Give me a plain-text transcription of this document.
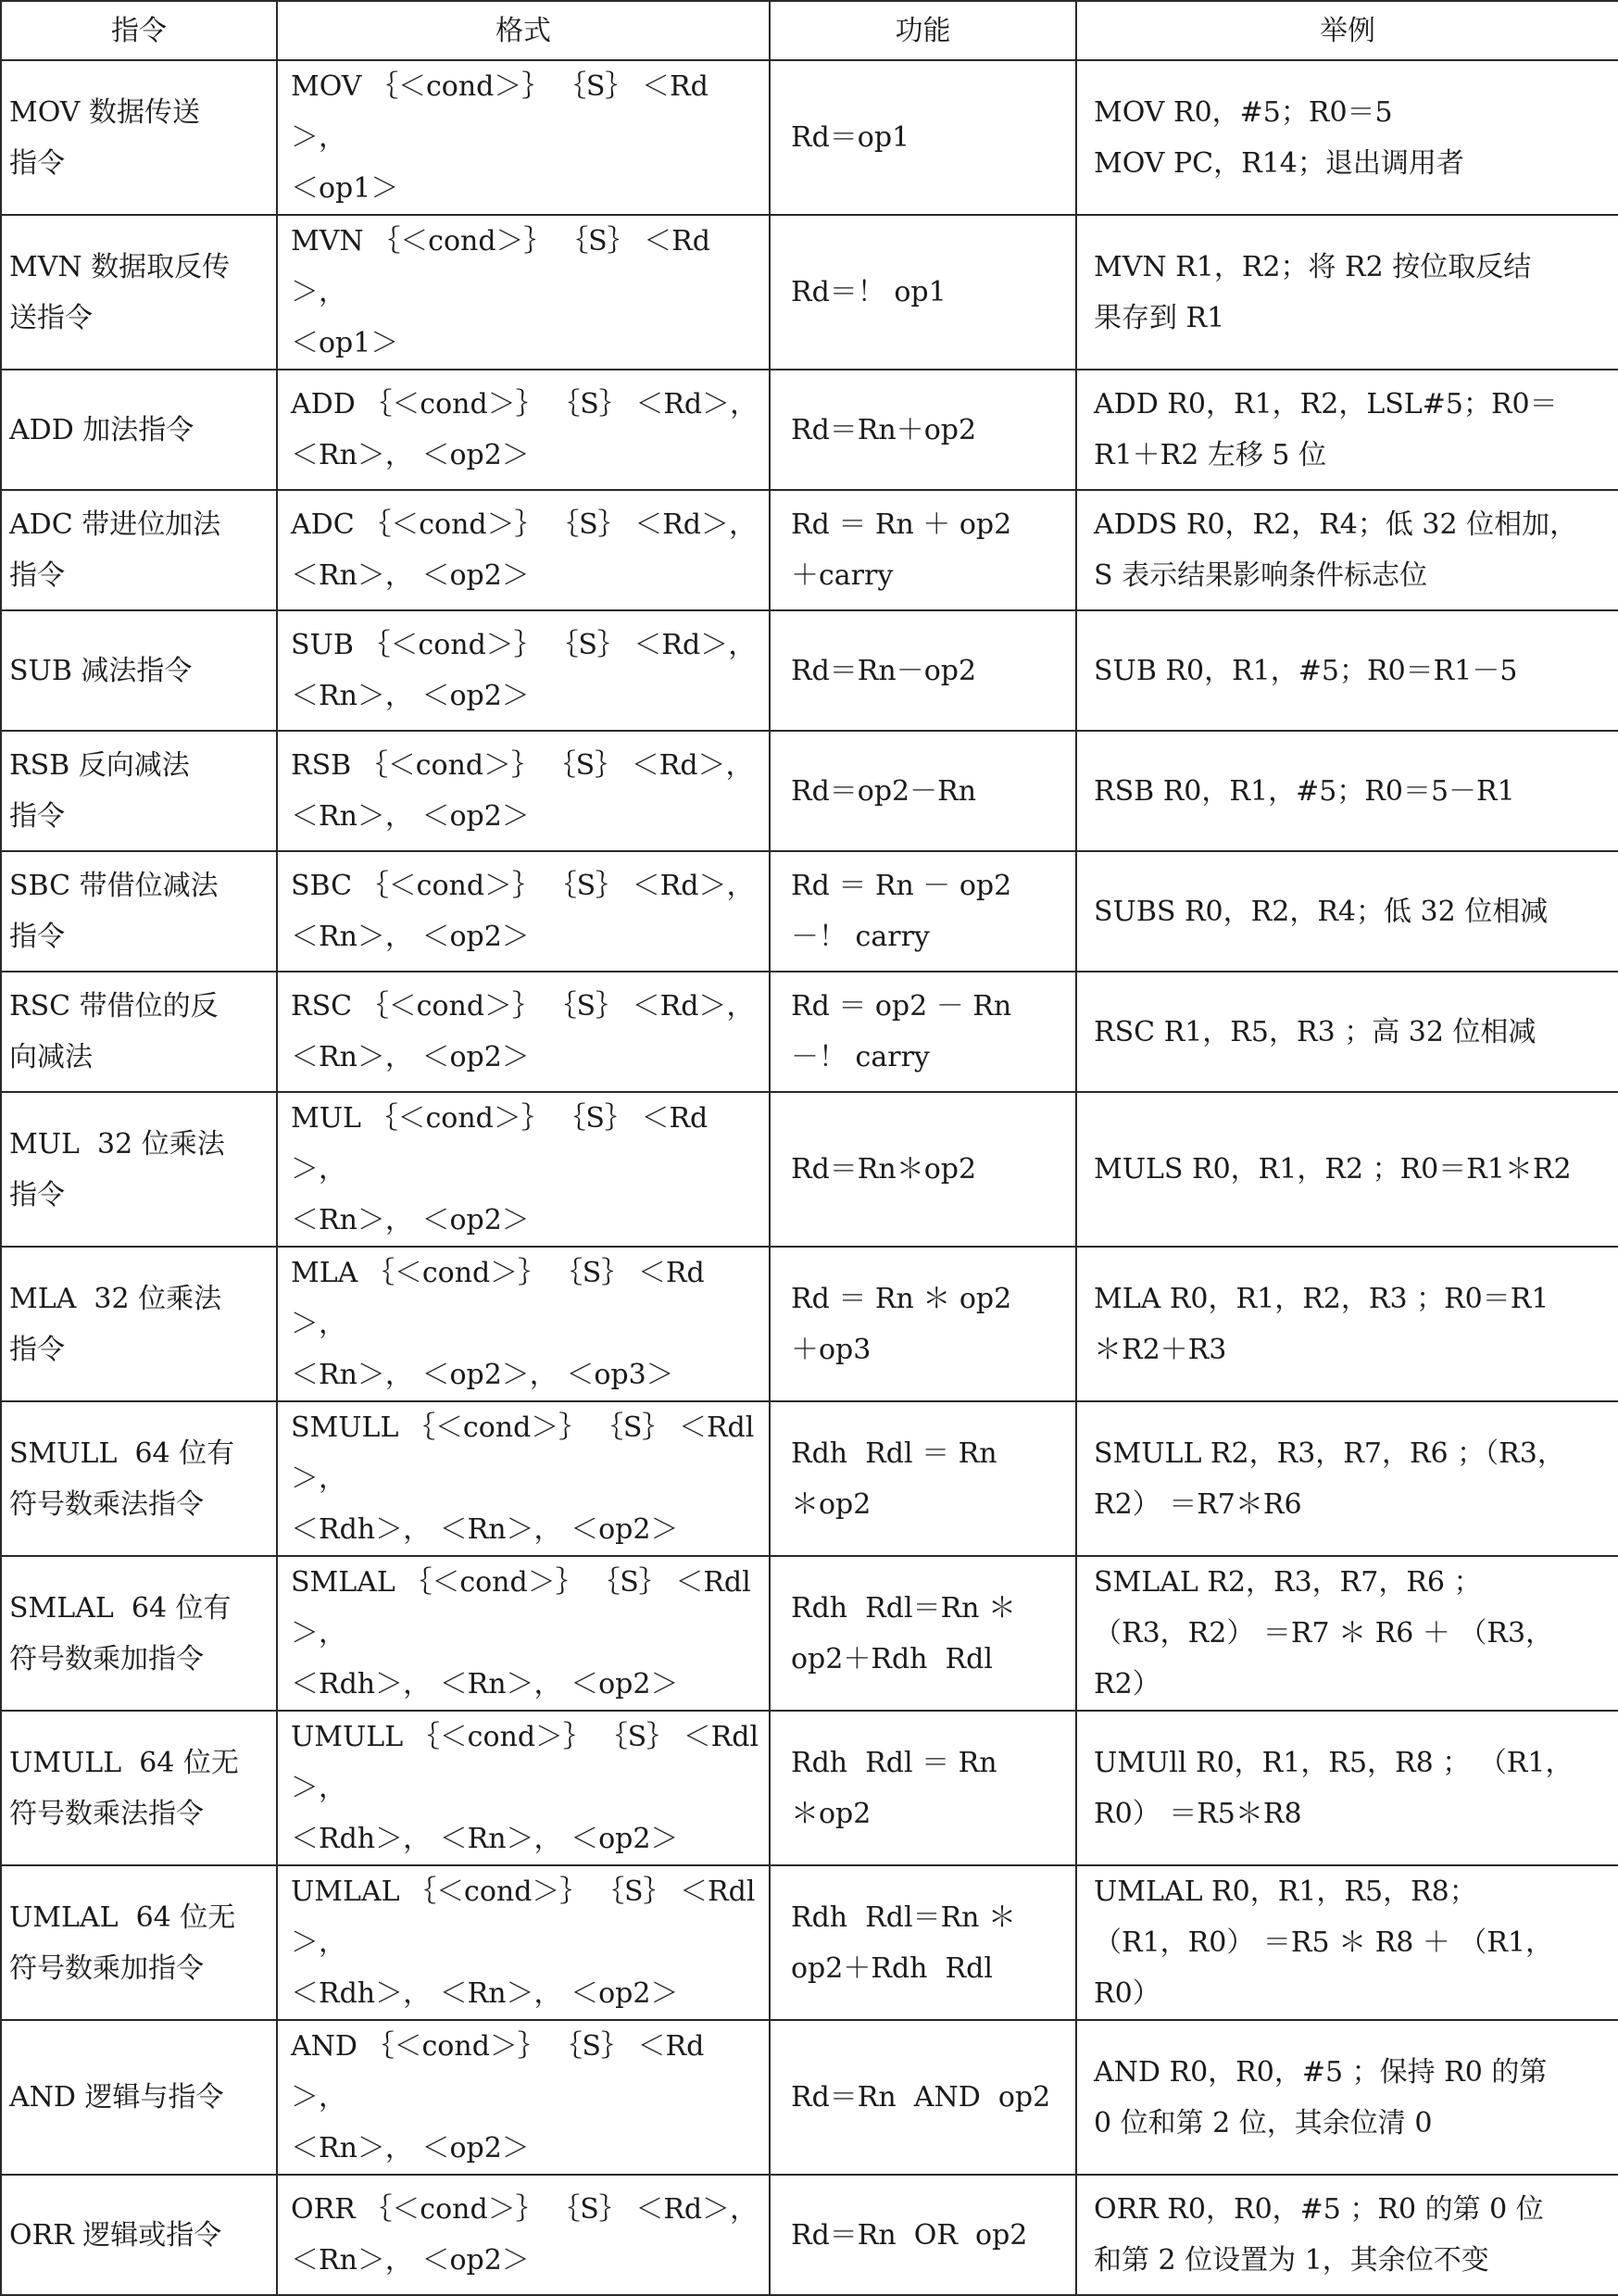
指令	格式	功能	举例

MOV 数据传送
指令	MOV ｛＜cond＞｝ ｛S｝ ＜Rd＞，
＜op1＞	Rd＝op1	MOV R0，#5；R0＝5
MOV PC，R14；退出调用者

MVN 数据取反传
送指令	MVN ｛＜cond＞｝ ｛S｝ ＜Rd＞，
＜op1＞	Rd＝！ op1	MVN R1，R2；将 R2 按位取反结
果存到 R1

ADD 加法指令	ADD ｛＜cond＞｝ ｛S｝ ＜Rd＞，
＜Rn＞， ＜op2＞	Rd＝Rn＋op2	ADD R0，R1，R2，LSL#5；R0＝
R1＋R2 左移 5 位

ADC 带进位加法
指令	ADC ｛＜cond＞｝ ｛S｝ ＜Rd＞，
＜Rn＞， ＜op2＞	Rd ＝ Rn ＋ op2
＋carry	ADDS R0，R2，R4；低 32 位相加，
S 表示结果影响条件标志位

SUB 减法指令	SUB ｛＜cond＞｝ ｛S｝ ＜Rd＞，
＜Rn＞， ＜op2＞	Rd＝Rn－op2	SUB R0，R1，#5；R0＝R1－5

RSB 反向减法
指令	RSB ｛＜cond＞｝ ｛S｝ ＜Rd＞，
＜Rn＞， ＜op2＞	Rd＝op2－Rn	RSB R0，R1，#5；R0＝5－R1

SBC 带借位减法
指令	SBC ｛＜cond＞｝ ｛S｝ ＜Rd＞，
＜Rn＞， ＜op2＞	Rd ＝ Rn － op2
－！ carry	SUBS R0，R2，R4；低 32 位相减

RSC 带借位的反
向减法	RSC ｛＜cond＞｝ ｛S｝ ＜Rd＞，
＜Rn＞， ＜op2＞	Rd ＝ op2 － Rn
－！ carry	RSC R1，R5，R3 ；高 32 位相减

MUL  32 位乘法
指令	MUL ｛＜cond＞｝ ｛S｝ ＜Rd＞，
＜Rn＞， ＜op2＞	Rd＝Rn＊op2	MULS R0，R1，R2 ；R0＝R1＊R2

MLA  32 位乘法
指令	MLA ｛＜cond＞｝ ｛S｝ ＜Rd＞，
＜Rn＞， ＜op2＞， ＜op3＞	Rd ＝ Rn ＊ op2
＋op3	MLA R0，R1，R2，R3 ；R0＝R1
＊R2＋R3

SMULL  64 位有
符号数乘法指令	SMULL ｛＜cond＞｝ ｛S｝ ＜Rdl＞，
＜Rdh＞， ＜Rn＞， ＜op2＞	Rdh  Rdl ＝ Rn
＊op2	SMULL R2，R3，R7，R6 ；（R3，
R2） ＝R7＊R6

SMLAL  64 位有
符号数乘加指令	SMLAL ｛＜cond＞｝ ｛S｝ ＜Rdl＞，
＜Rdh＞， ＜Rn＞， ＜op2＞	Rdh  Rdl＝Rn ＊
op2＋Rdh  Rdl	SMLAL R2，R3，R7，R6 ；
（R3，R2） ＝R7 ＊ R6 ＋ （R3，
R2）

UMULL  64 位无
符号数乘法指令	UMULL ｛＜cond＞｝ ｛S｝ ＜Rdl＞，
＜Rdh＞， ＜Rn＞， ＜op2＞	Rdh  Rdl ＝ Rn
＊op2	UMUll R0，R1，R5，R8 ； （R1，
R0） ＝R5＊R8

UMLAL  64 位无
符号数乘加指令	UMLAL ｛＜cond＞｝ ｛S｝ ＜Rdl＞，
＜Rdh＞， ＜Rn＞， ＜op2＞	Rdh  Rdl＝Rn ＊
op2＋Rdh  Rdl	UMLAL R0，R1，R5，R8；
（R1，R0） ＝R5 ＊ R8 ＋ （R1，
R0）

AND 逻辑与指令	AND ｛＜cond＞｝ ｛S｝ ＜Rd＞，
＜Rn＞， ＜op2＞	Rd＝Rn  AND  op2	AND R0，R0，#5 ；保持 R0 的第
0 位和第 2 位，其余位清 0

ORR 逻辑或指令	ORR ｛＜cond＞｝ ｛S｝ ＜Rd＞，
＜Rn＞， ＜op2＞	Rd＝Rn  OR  op2	ORR R0，R0，#5 ；R0 的第 0 位
和第 2 位设置为 1，其余位不变
